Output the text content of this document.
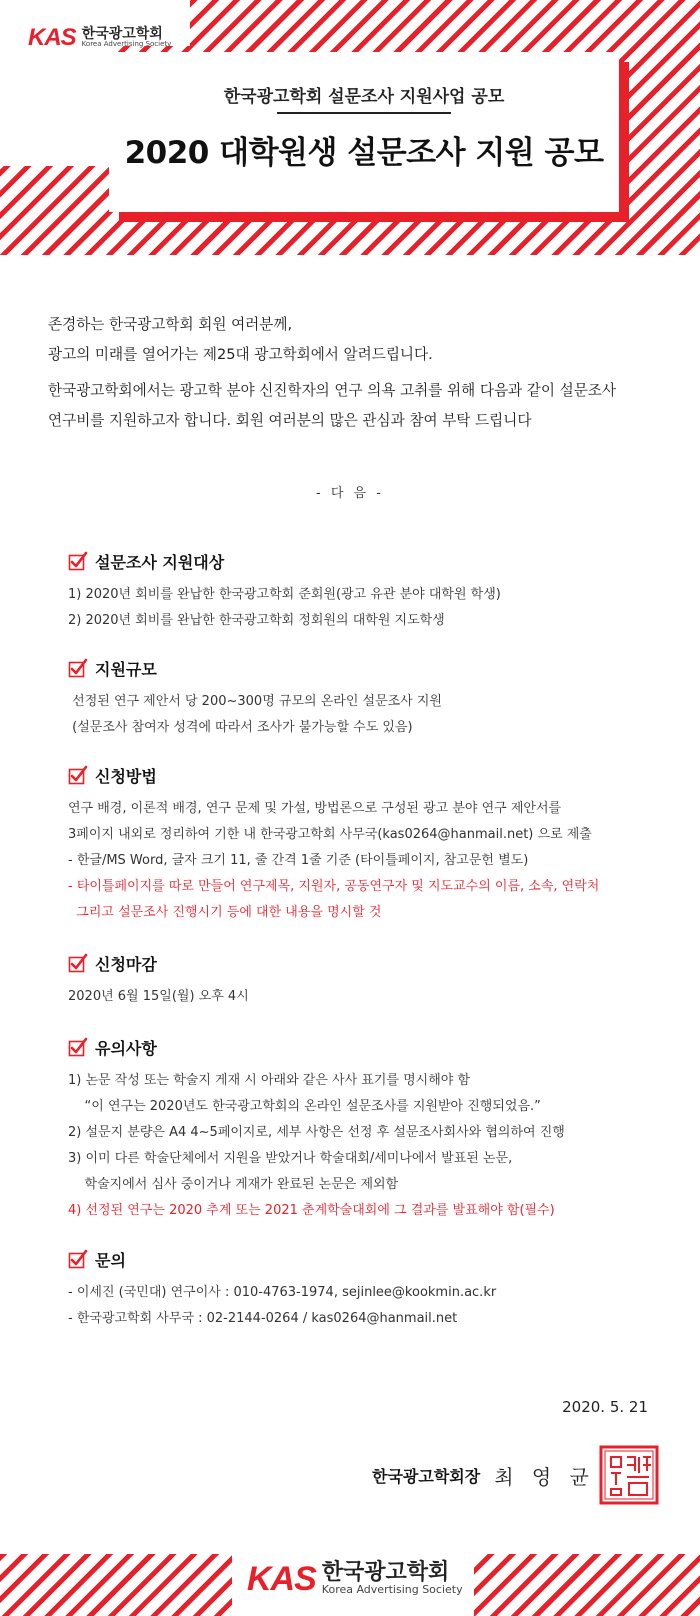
KAS 한국광고학회
Korea Advertising Society
한국광고학회 설문조사 지원사업 공모
2020 대학원생 설문조사 지원 공모

존경하는 한국광고학회 회원 여러분께,

광고의 미래를 열어가는 제25대 광고학회에서 알려드립니다.

한국광고학회에서는 광고학 분야 신진학자의 연구 의욕 고취를 위해 다음과 같이 설문조사

연구비를 지원하고자 합니다. 회원 여러분의 많은 관심과 참여 부탁 드립니다

- 다 음 -
설문조사 지원대상
1) 2020년 회비를 완납한 한국광고학회 준회원(광고 유관 분야 대학원 학생)
2) 2020년 회비를 완납한 한국광고학회 정회원의 대학원 지도학생
지원규모
선정된 연구 제안서 당 200~300명 규모의 온라인 설문조사 지원
(설문조사 참여자 성격에 따라서 조사가 불가능할 수도 있음)
신청방법
연구 배경, 이론적 배경, 연구 문제 및 가설, 방법론으로 구성된 광고 분야 연구 제안서를
3페이지 내외로 정리하여 기한 내 한국광고학회 사무국(kas0264@hanmail.net) 으로 제출
- 한글/MS Word, 글자 크기 11, 줄 간격 1줄 기준 (타이틀페이지, 참고문헌 별도)
- 타이틀페이지를 따로 만들어 연구제목, 지원자, 공동연구자 및 지도교수의 이름, 소속, 연락처
그리고 설문조사 진행시기 등에 대한 내용을 명시할 것
신청마감
2020년 6월 15일(월) 오후 4시
유의사항
1) 논문 작성 또는 학술지 게재 시 아래와 같은 사사 표기를 명시해야 함
“이 연구는 2020년도 한국광고학회의 온라인 설문조사를 지원받아 진행되었음.”
2) 설문지 분량은 A4 4~5페이지로, 세부 사항은 선정 후 설문조사회사와 협의하여 진행
3) 이미 다른 학술단체에서 지원을 받았거나 학술대회/세미나에서 발표된 논문,
학술지에서 심사 중이거나 게재가 완료된 논문은 제외함
4) 선정된 연구는 2020 추계 또는 2021 춘계학술대회에 그 결과를 발표해야 함(필수)
문의
- 이세진 (국민대) 연구이사 : 010-4763-1974, sejinlee@kookmin.ac.kr
- 한국광고학회 사무국 : 02-2144-0264 / kas0264@hanmail.net
2020. 5. 21
한국광고학회장 최 영 균
KAS 한국광고학회
Korea Advertising Society
